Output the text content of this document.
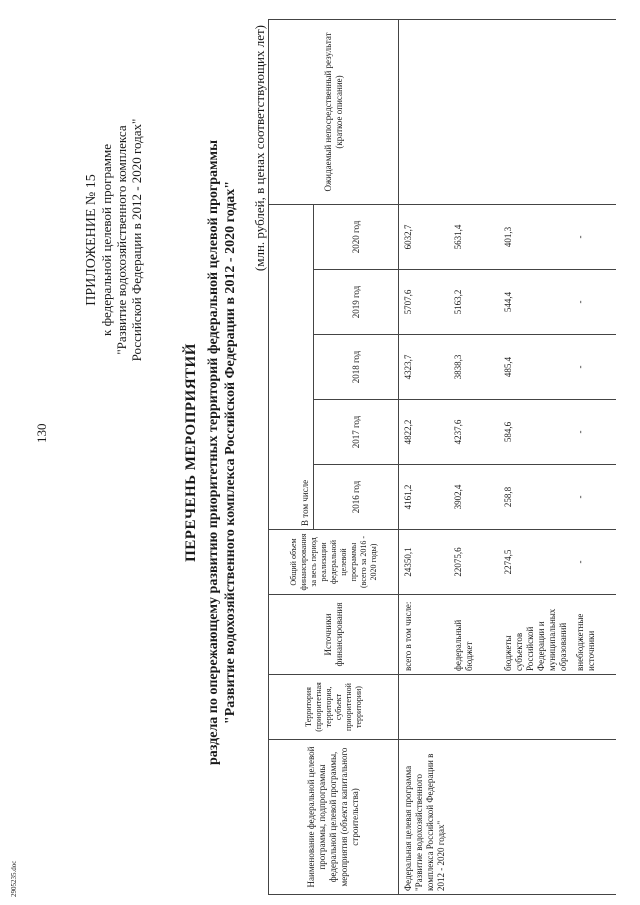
130
2905235.doc
ПРИЛОЖЕНИЕ № 15 к федеральной целевой программе "Развитие водохозяйственного комплекса Российской Федерации в 2012 - 2020 годах"
ПЕРЕЧЕНЬ МЕРОПРИЯТИЙ раздела по опережающему развитию приоритетных территорий федеральной целевой программы "Развитие водохозяйственного комплекса Российской Федерации в 2012 - 2020 годах"
(млн. рублей, в ценах соответствующих лет)
Наименование федеральной целевой программы, подпрограммы федеральной целевой программы, мероприятия (объекта капитального строительства)	Территория (приоритетная территория, субъект приоритетной территории)	Источники финансирования	Общий объем финансирования за весь период реализации федеральной целевой программы (всего за 2016 - 2020 годы)	В том числе					Ожидаемый непосредственный результат (краткое описание)
				2016 год	2017 год	2018 год	2019 год	2020 год	
Федеральная целевая программа "Развитие водохозяйственного комплекса Российской Федерации в 2012 - 2020 годах"		всего в том числе:	24350,1	4161,2	4822,2	4323,7	5707,6	6032,7	
		федеральный бюджет	22075,6	3902,4	4237,6	3838,3	5163,2	5631,4	
		бюджеты субъектов Российской Федерации и муниципальных образований	2274,5	258,8	584,6	485,4	544,4	401,3	
		внебюджетные источники	-	-	-	-	-	-	
